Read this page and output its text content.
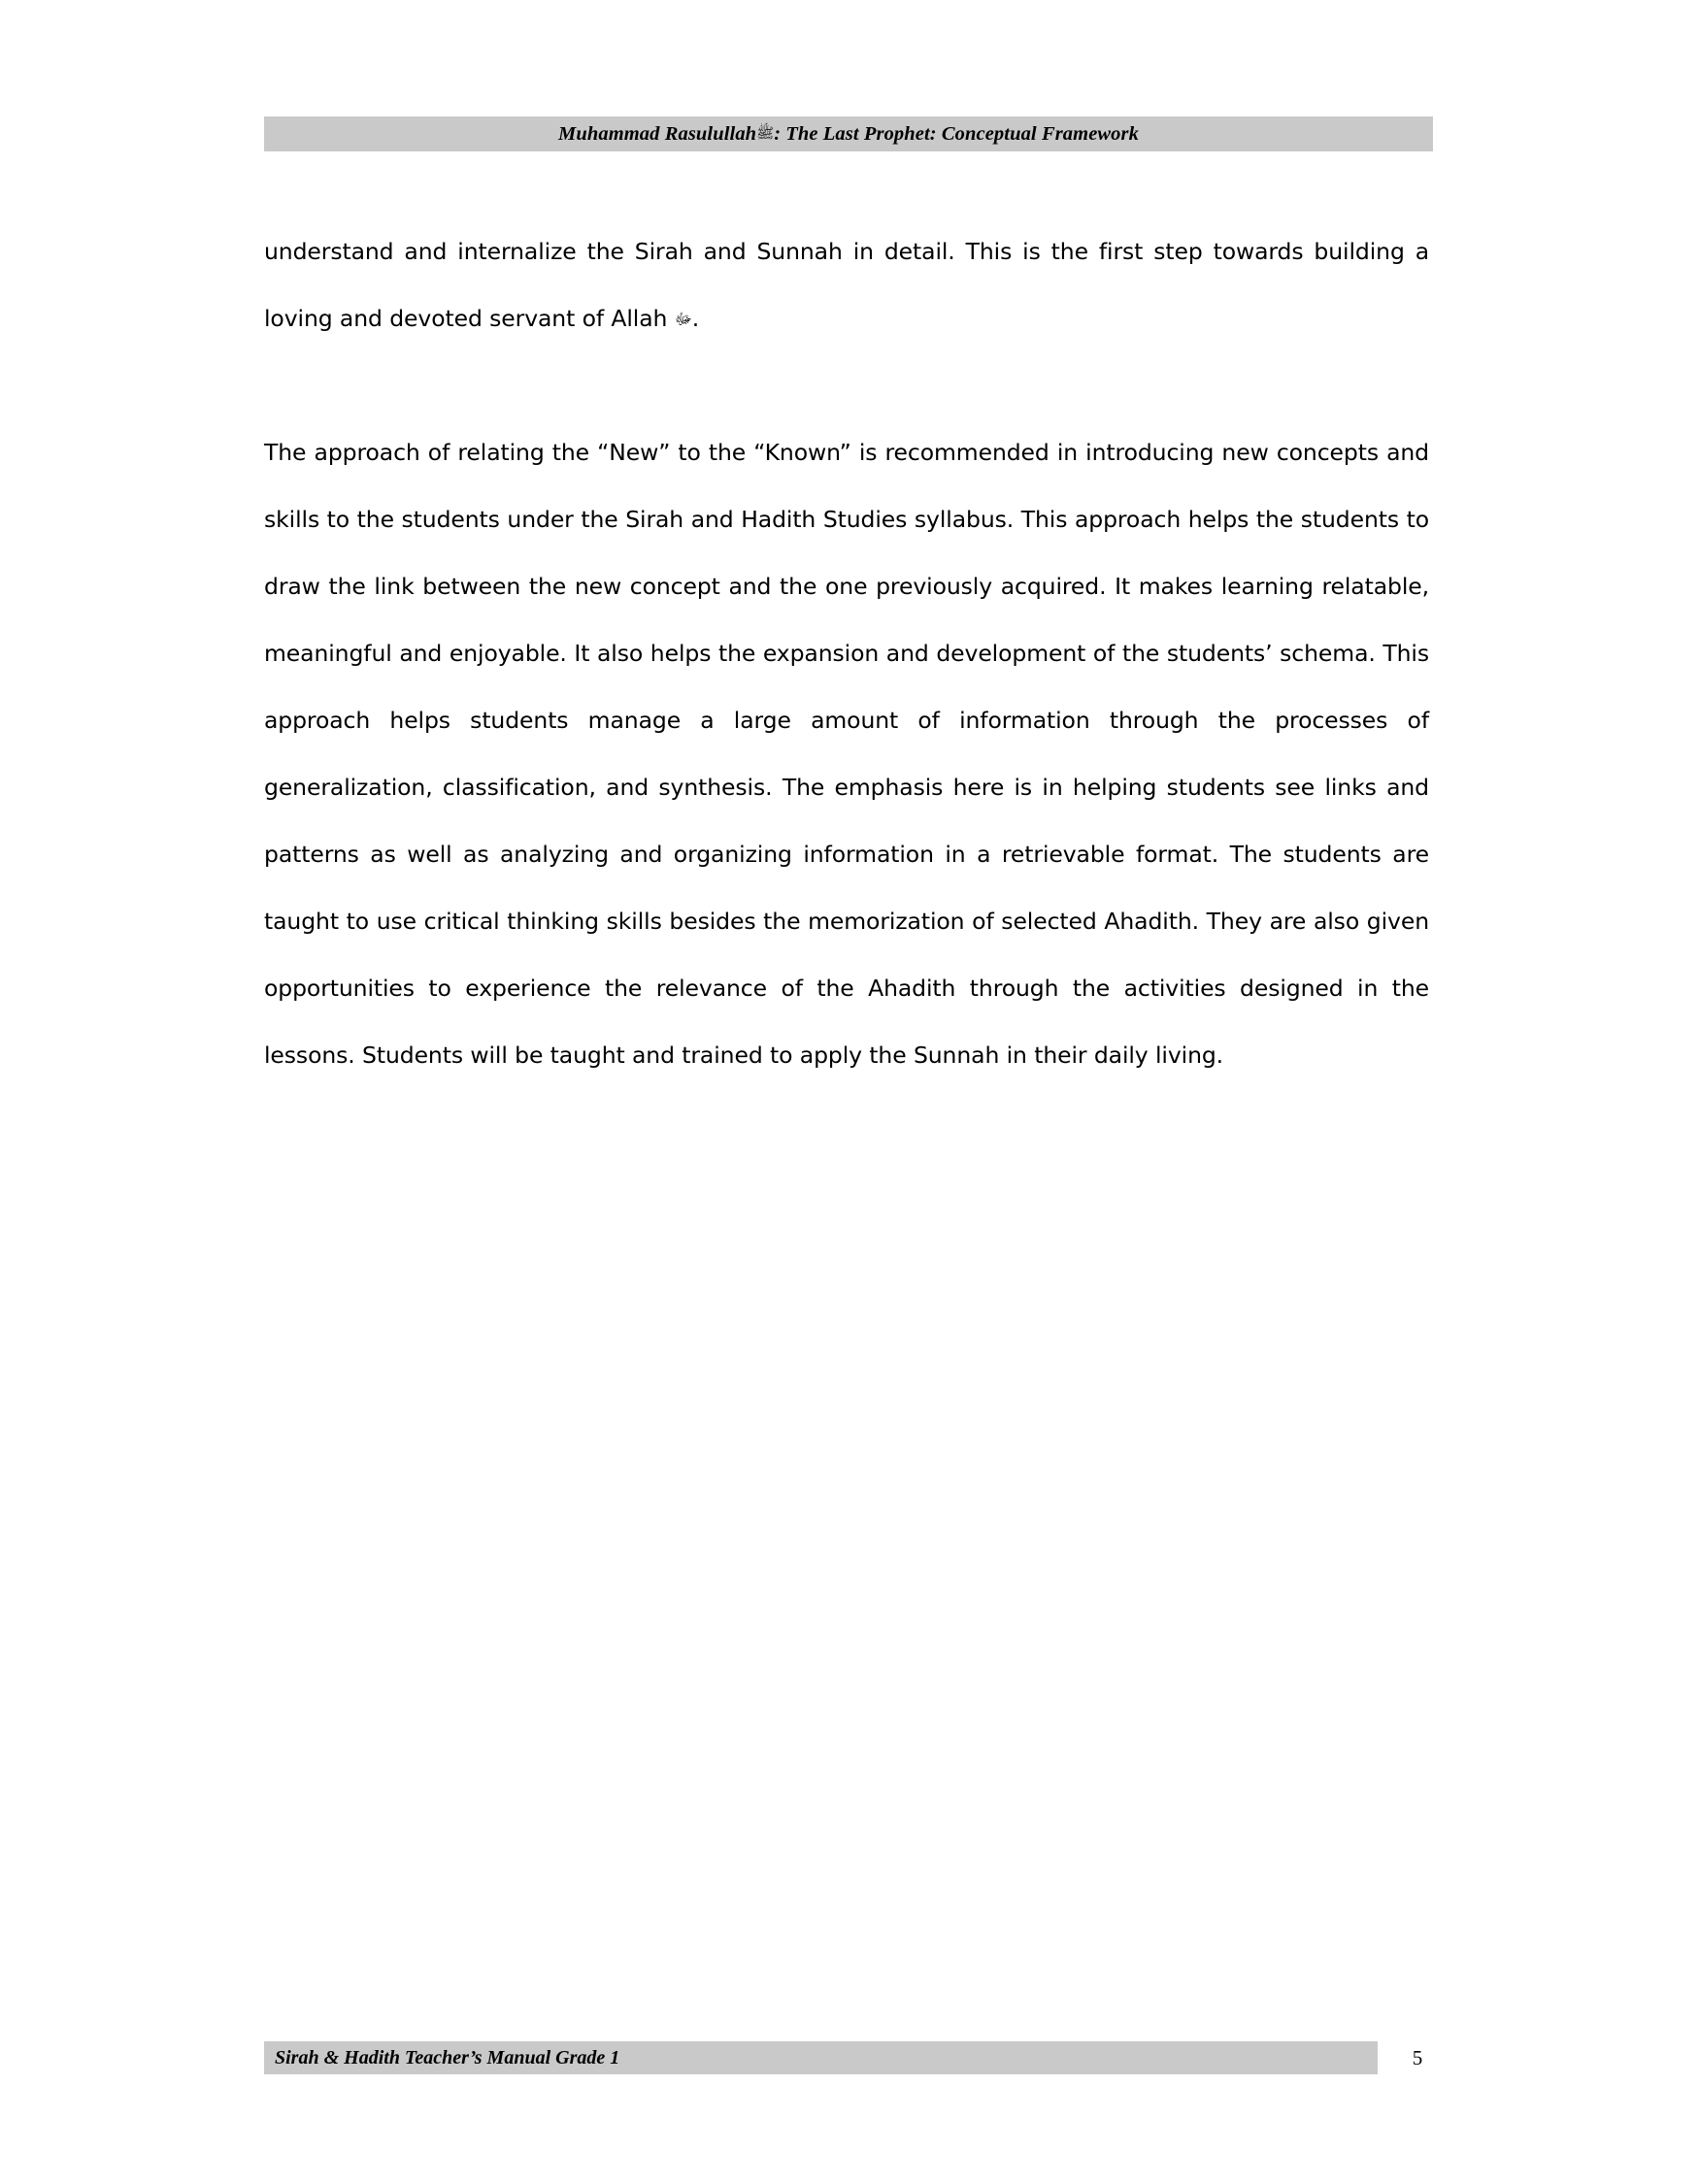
Muhammad Rasulullahﷺ: The Last Prophet: Conceptual Framework

understand and internalize the Sirah and Sunnah in detail. This is the first step towards building a loving and devoted servant of Allah ﷻ.

The approach of relating the “New” to the “Known” is recommended in introducing new concepts and skills to the students under the Sirah and Hadith Studies syllabus. This approach helps the students to draw the link between the new concept and the one previously acquired. It makes learning relatable, meaningful and enjoyable. It also helps the expansion and development of the students’ schema. This approach helps students manage a large amount of information through the processes of generalization, classification, and synthesis. The emphasis here is in helping students see links and patterns as well as analyzing and organizing information in a retrievable format. The students are taught to use critical thinking skills besides the memorization of selected Ahadith. They are also given opportunities to experience the relevance of the Ahadith through the activities designed in the lessons. Students will be taught and trained to apply the Sunnah in their daily living.

Sirah & Hadith Teacher’s Manual Grade 1	5
